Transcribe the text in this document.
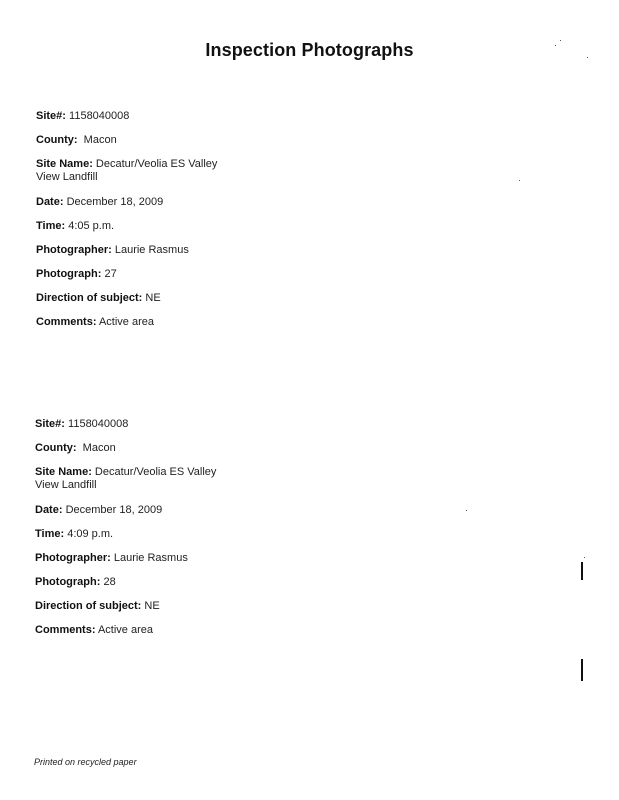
Inspection Photographs
Site#: 1158040008
County: Macon
Site Name: Decatur/Veolia ES Valley
View Landfill
Date: December 18, 2009
Time: 4:05 p.m.
Photographer: Laurie Rasmus
Photograph: 27
Direction of subject: NE
Comments: Active area
Site#: 1158040008
County: Macon
Site Name: Decatur/Veolia ES Valley
View Landfill
Date: December 18, 2009
Time: 4:09 p.m.
Photographer: Laurie Rasmus
Photograph: 28
Direction of subject: NE
Comments: Active area
Printed on recycled paper
